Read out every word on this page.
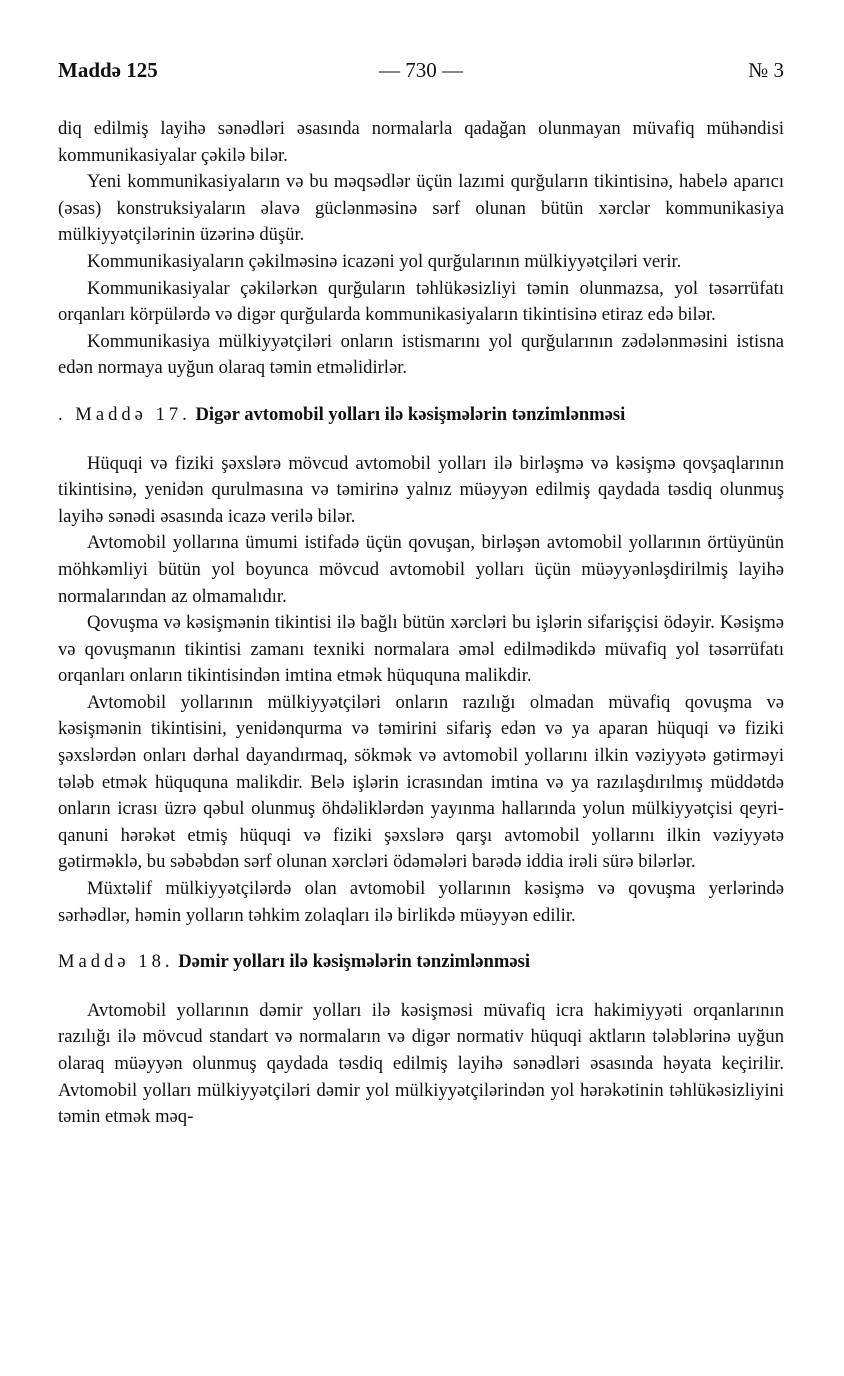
Maddə 125	— 730 —	№ 3

diq edilmiş layihə sənədləri əsasında normalarla qadağan olunmayan müvafiq mühəndisi kommunikasiyalar çəkilə bilər.

Yeni kommunikasiyaların və bu məqsədlər üçün lazımi qurğuların tikintisinə, habelə aparıcı (əsas) konstruksiyaların əlavə güclənməsinə sərf olunan bütün xərclər kommunikasiya mülkiyyətçilərinin üzərinə düşür.

Kommunikasiyaların çəkilməsinə icazəni yol qurğularının mülkiyyətçiləri verir.

Kommunikasiyalar çəkilərkən qurğuların təhlükəsizliyi təmin olunmazsa, yol təsərrüfatı orqanları körpülərdə və digər qurğularda kommunikasiyaların tikintisinə etiraz edə bilər.

Kommunikasiya mülkiyyətçiləri onların istismarını yol qurğularının zədələnməsini istisna edən normaya uyğun olaraq təmin etməlidirlər.

. Maddə 17. Digər avtomobil yolları ilə kəsişmələrin tənzimlənməsi

Hüquqi və fiziki şəxslərə mövcud avtomobil yolları ilə birləşmə və kəsişmə qovşaqlarının tikintisinə, yenidən qurulmasına və təmirinə yalnız müəyyən edilmiş qaydada təsdiq olunmuş layihə sənədi əsasında icazə verilə bilər.

Avtomobil yollarına ümumi istifadə üçün qovuşan, birləşən avtomobil yollarının örtüyünün möhkəmliyi bütün yol boyunca mövcud avtomobil yolları üçün müəyyənləşdirilmiş layihə normalarından az olmamalıdır.

Qovuşma və kəsişmənin tikintisi ilə bağlı bütün xərcləri bu işlərin sifarişçisi ödəyir. Kəsişmə və qovuşmanın tikintisi zamanı texniki normalara əməl edilmədikdə müvafiq yol təsərrüfatı orqanları onların tikintisindən imtina etmək hüququna malikdir.

Avtomobil yollarının mülkiyyətçiləri onların razılığı olmadan müvafiq qovuşma və kəsişmənin tikintisini, yenidənqurma və təmirini sifariş edən və ya aparan hüquqi və fiziki şəxslərdən onları dərhal dayandırmaq, sökmək və avtomobil yollarını ilkin vəziyyətə gətirməyi tələb etmək hüququna malikdir. Belə işlərin icrasından imtina və ya razılaşdırılmış müddətdə onların icrası üzrə qəbul olunmuş öhdəliklərdən yayınma hallarında yolun mülkiyyətçisi qeyri-qanuni hərəkət etmiş hüquqi və fiziki şəxslərə qarşı avtomobil yollarını ilkin vəziyyətə gətirməklə, bu səbəbdən sərf olunan xərcləri ödəmələri barədə iddia irəli sürə bilərlər.

Müxtəlif mülkiyyətçilərdə olan avtomobil yollarının kəsişmə və qovuşma yerlərində sərhədlər, həmin yolların təhkim zolaqları ilə birlikdə müəyyən edilir.

Maddə 18. Dəmir yolları ilə kəsişmələrin tənzimlənməsi

Avtomobil yollarının dəmir yolları ilə kəsişməsi müvafiq icra hakimiyyəti orqanlarının razılığı ilə mövcud standart və normaların və digər normativ hüquqi aktların tələblərinə uyğun olaraq müəyyən olunmuş qaydada təsdiq edilmiş layihə sənədləri əsasında həyata keçirilir. Avtomobil yolları mülkiyyətçiləri dəmir yol mülkiyyətçilərindən yol hərəkətinin təhlükəsizliyini təmin etmək məq-
